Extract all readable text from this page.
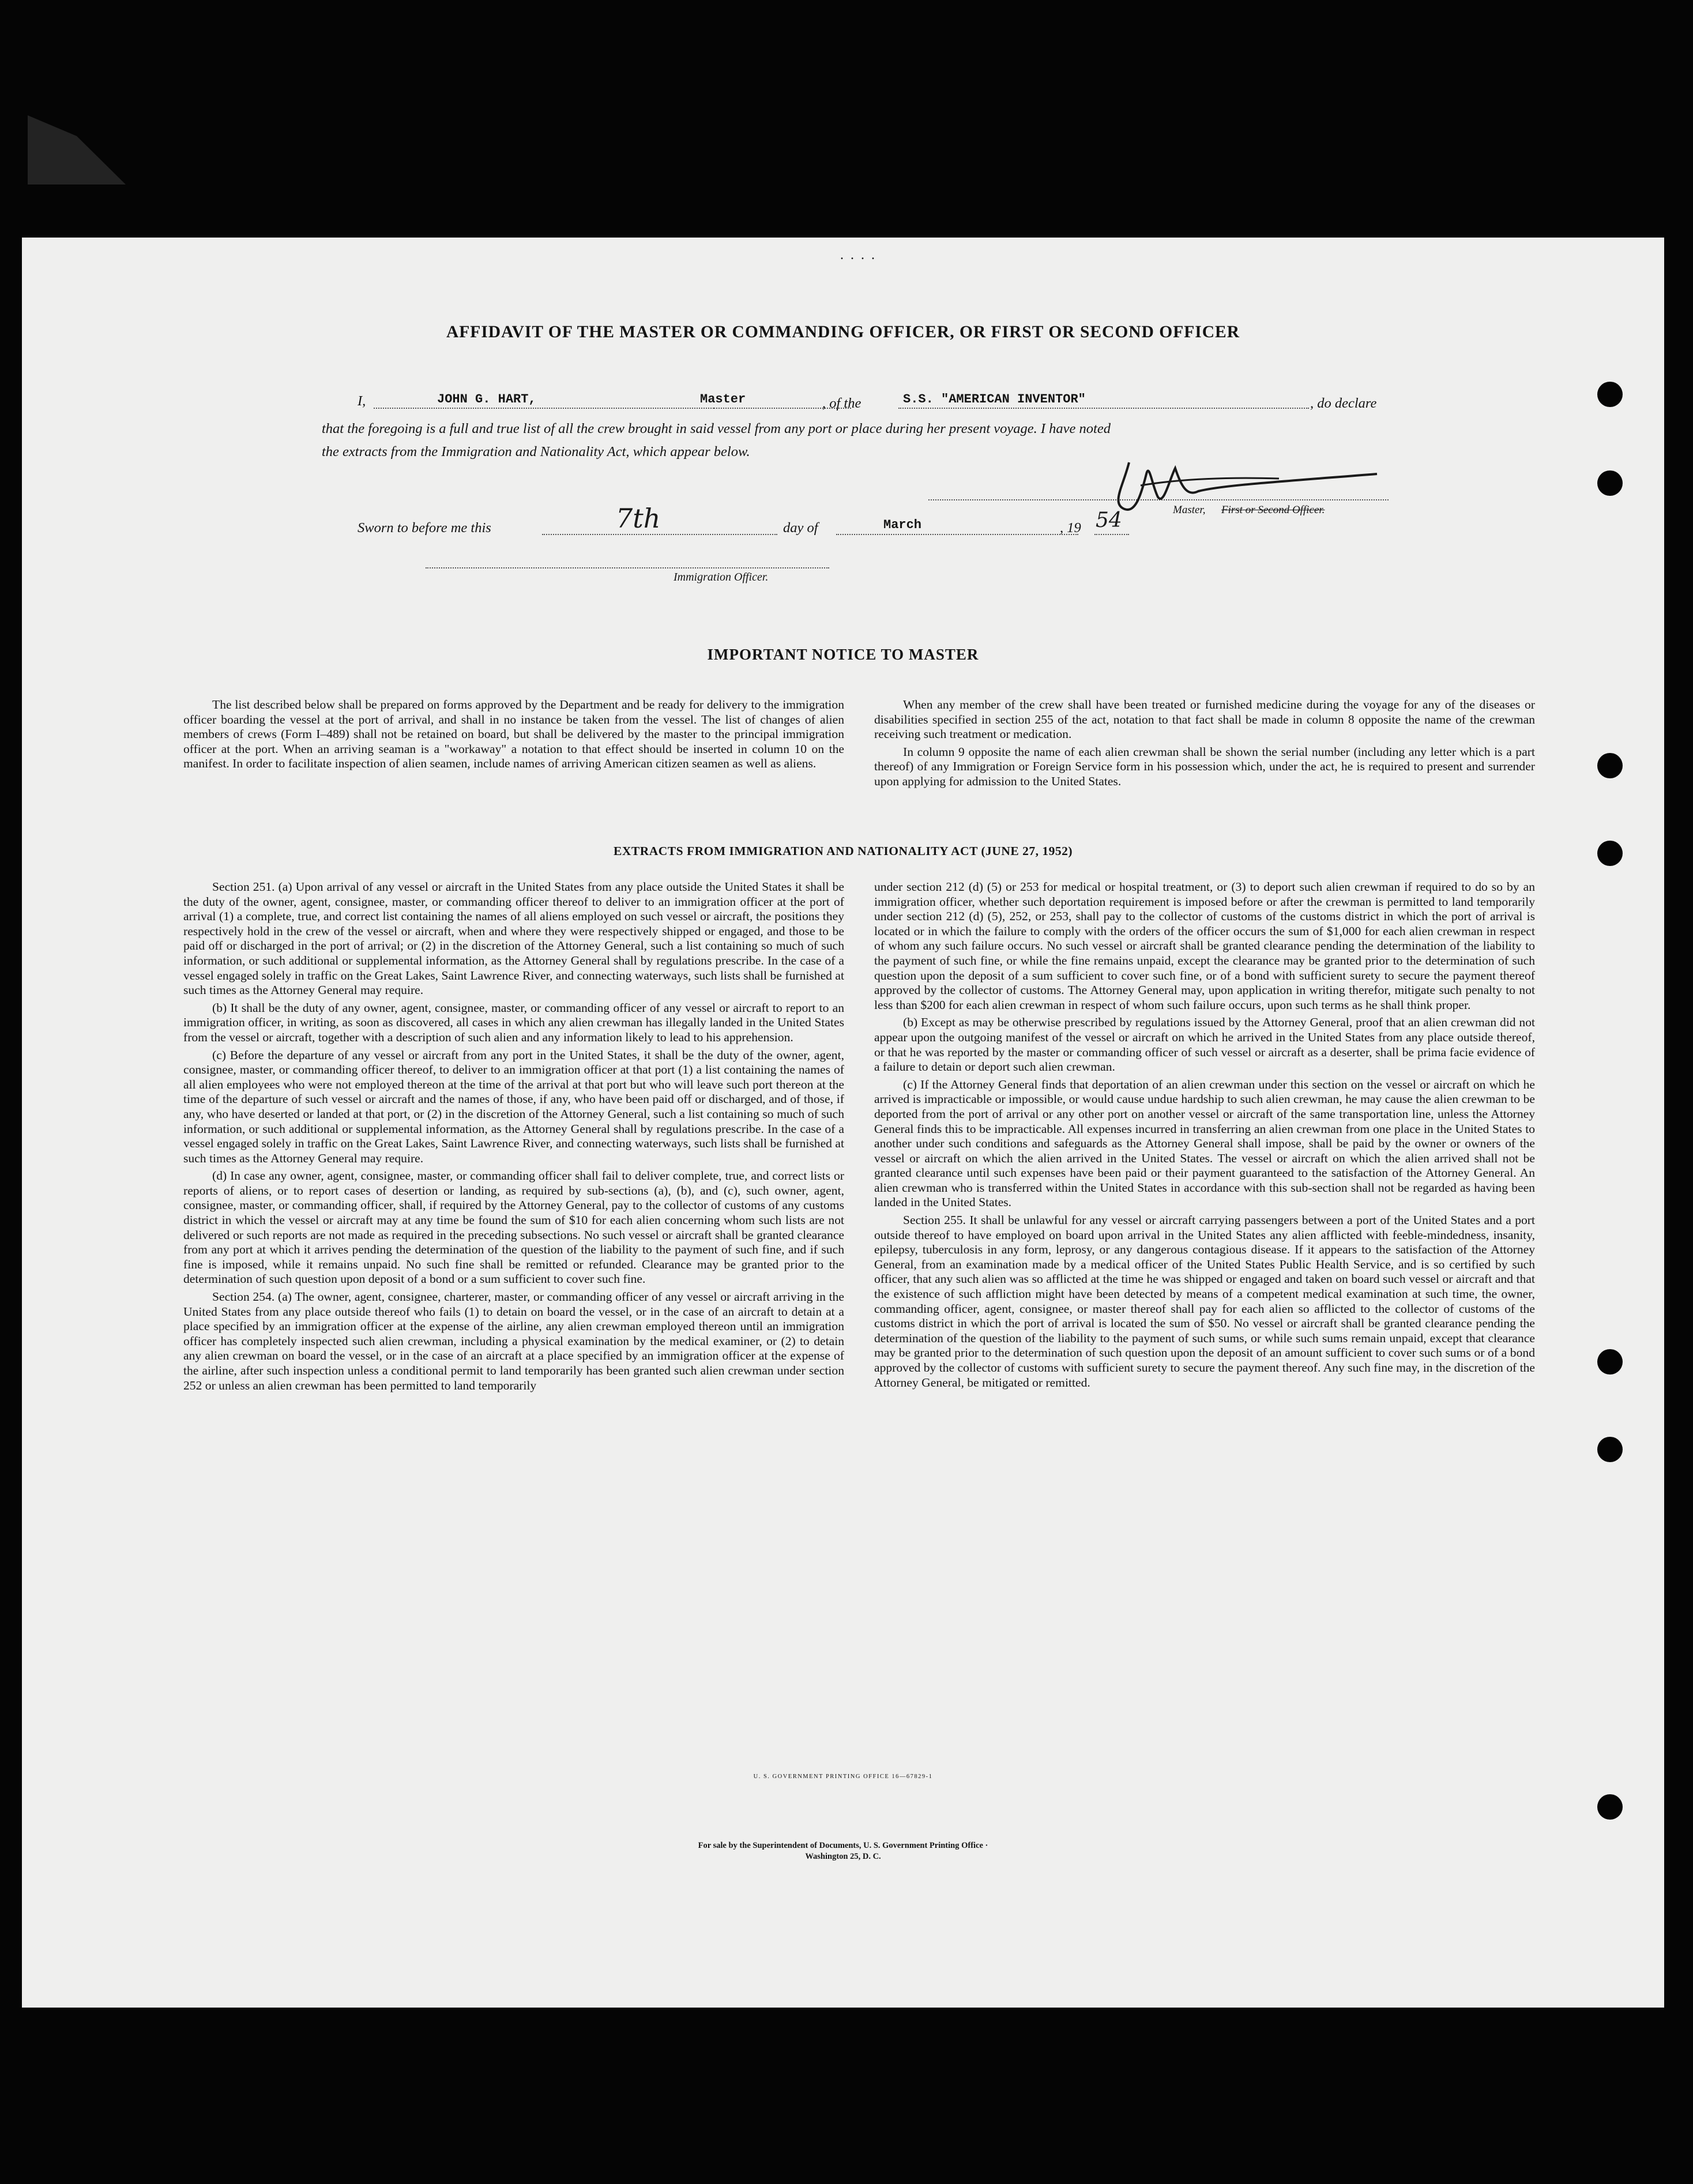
····
AFFIDAVIT OF THE MASTER OR COMMANDING OFFICER, OR FIRST OR SECOND OFFICER
I,	JOHN G. HART,	Master	, of the	S.S. "AMERICAN INVENTOR"	, do declare
that the foregoing is a full and true list of all the crew brought in said vessel from any port or place during her present voyage. I have noted
the extracts from the Immigration and Nationality Act, which appear below.
Master, First or Second Officer.
Sworn to before me this	7th	day of	March	, 19 54
Immigration Officer.
IMPORTANT NOTICE TO MASTER

The list described below shall be prepared on forms approved by the Department and be ready for delivery to the immigration officer boarding the vessel at the port of arrival, and shall in no instance be taken from the vessel. The list of changes of alien members of crews (Form I–489) shall not be retained on board, but shall be delivered by the master to the principal immigration officer at the port. When an arriving seaman is a "workaway" a notation to that effect should be inserted in column 10 on the manifest. In order to facilitate inspection of alien seamen, include names of arriving American citizen seamen as well as aliens.

When any member of the crew shall have been treated or furnished medicine during the voyage for any of the diseases or disabilities specified in section 255 of the act, notation to that fact shall be made in column 8 opposite the name of the crewman receiving such treatment or medication.

In column 9 opposite the name of each alien crewman shall be shown the serial number (including any letter which is a part thereof) of any Immigration or Foreign Service form in his possession which, under the act, he is required to present and surrender upon applying for admission to the United States.

EXTRACTS FROM IMMIGRATION AND NATIONALITY ACT (JUNE 27, 1952)

Section 251. (a) Upon arrival of any vessel or aircraft in the United States from any place outside the United States it shall be the duty of the owner, agent, consignee, master, or commanding officer thereof to deliver to an immigration officer at the port of arrival (1) a complete, true, and correct list containing the names of all aliens employed on such vessel or aircraft, the positions they respectively hold in the crew of the vessel or aircraft, when and where they were respectively shipped or engaged, and those to be paid off or discharged in the port of arrival; or (2) in the discretion of the Attorney General, such a list containing so much of such information, or such additional or supplemental information, as the Attorney General shall by regulations prescribe. In the case of a vessel engaged solely in traffic on the Great Lakes, Saint Lawrence River, and connecting waterways, such lists shall be furnished at such times as the Attorney General may require.

(b) It shall be the duty of any owner, agent, consignee, master, or commanding officer of any vessel or aircraft to report to an immigration officer, in writing, as soon as discovered, all cases in which any alien crewman has illegally landed in the United States from the vessel or aircraft, together with a description of such alien and any information likely to lead to his apprehension.

(c) Before the departure of any vessel or aircraft from any port in the United States, it shall be the duty of the owner, agent, consignee, master, or commanding officer thereof, to deliver to an immigration officer at that port (1) a list containing the names of all alien employees who were not employed thereon at the time of the arrival at that port but who will leave such port thereon at the time of the departure of such vessel or aircraft and the names of those, if any, who have been paid off or discharged, and of those, if any, who have deserted or landed at that port, or (2) in the discretion of the Attorney General, such a list containing so much of such information, or such additional or supplemental information, as the Attorney General shall by regulations prescribe. In the case of a vessel engaged solely in traffic on the Great Lakes, Saint Lawrence River, and connecting waterways, such lists shall be furnished at such times as the Attorney General may require.

(d) In case any owner, agent, consignee, master, or commanding officer shall fail to deliver complete, true, and correct lists or reports of aliens, or to report cases of desertion or landing, as required by sub-sections (a), (b), and (c), such owner, agent, consignee, master, or commanding officer, shall, if required by the Attorney General, pay to the collector of customs of any customs district in which the vessel or aircraft may at any time be found the sum of $10 for each alien concerning whom such lists are not delivered or such reports are not made as required in the preceding subsections. No such vessel or aircraft shall be granted clearance from any port at which it arrives pending the determination of the question of the liability to the payment of such fine, and if such fine is imposed, while it remains unpaid. No such fine shall be remitted or refunded. Clearance may be granted prior to the determination of such question upon deposit of a bond or a sum sufficient to cover such fine.

Section 254. (a) The owner, agent, consignee, charterer, master, or commanding officer of any vessel or aircraft arriving in the United States from any place outside thereof who fails (1) to detain on board the vessel, or in the case of an aircraft to detain at a place specified by an immigration officer at the expense of the airline, any alien crewman employed thereon until an immigration officer has completely inspected such alien crewman, including a physical examination by the medical examiner, or (2) to detain any alien crewman on board the vessel, or in the case of an aircraft at a place specified by an immigration officer at the expense of the airline, after such inspection unless a conditional permit to land temporarily has been granted such alien crewman under section 252 or unless an alien crewman has been permitted to land temporarily

under section 212 (d) (5) or 253 for medical or hospital treatment, or (3) to deport such alien crewman if required to do so by an immigration officer, whether such deportation requirement is imposed before or after the crewman is permitted to land temporarily under section 212 (d) (5), 252, or 253, shall pay to the collector of customs of the customs district in which the port of arrival is located or in which the failure to comply with the orders of the officer occurs the sum of $1,000 for each alien crewman in respect of whom any such failure occurs. No such vessel or aircraft shall be granted clearance pending the determination of the liability to the payment of such fine, or while the fine remains unpaid, except the clearance may be granted prior to the determination of such question upon the deposit of a sum sufficient to cover such fine, or of a bond with sufficient surety to secure the payment thereof approved by the collector of customs. The Attorney General may, upon application in writing therefor, mitigate such penalty to not less than $200 for each alien crewman in respect of whom such failure occurs, upon such terms as he shall think proper.

(b) Except as may be otherwise prescribed by regulations issued by the Attorney General, proof that an alien crewman did not appear upon the outgoing manifest of the vessel or aircraft on which he arrived in the United States from any place outside thereof, or that he was reported by the master or commanding officer of such vessel or aircraft as a deserter, shall be prima facie evidence of a failure to detain or deport such alien crewman.

(c) If the Attorney General finds that deportation of an alien crewman under this section on the vessel or aircraft on which he arrived is impracticable or impossible, or would cause undue hardship to such alien crewman, he may cause the alien crewman to be deported from the port of arrival or any other port on another vessel or aircraft of the same transportation line, unless the Attorney General finds this to be impracticable. All expenses incurred in transferring an alien crewman from one place in the United States to another under such conditions and safeguards as the Attorney General shall impose, shall be paid by the owner or owners of the vessel or aircraft on which the alien arrived in the United States. The vessel or aircraft on which the alien arrived shall not be granted clearance until such expenses have been paid or their payment guaranteed to the satisfaction of the Attorney General. An alien crewman who is transferred within the United States in accordance with this sub-section shall not be regarded as having been landed in the United States.

Section 255. It shall be unlawful for any vessel or aircraft carrying passengers between a port of the United States and a port outside thereof to have employed on board upon arrival in the United States any alien afflicted with feeble-mindedness, insanity, epilepsy, tuberculosis in any form, leprosy, or any dangerous contagious disease. If it appears to the satisfaction of the Attorney General, from an examination made by a medical officer of the United States Public Health Service, and is so certified by such officer, that any such alien was so afflicted at the time he was shipped or engaged and taken on board such vessel or aircraft and that the existence of such affliction might have been detected by means of a competent medical examination at such time, the owner, commanding officer, agent, consignee, or master thereof shall pay for each alien so afflicted to the collector of customs of the customs district in which the port of arrival is located the sum of $50. No vessel or aircraft shall be granted clearance pending the determination of the question of the liability to the payment of such sums, or while such sums remain unpaid, except that clearance may be granted prior to the determination of such question upon the deposit of an amount sufficient to cover such sums or of a bond approved by the collector of customs with sufficient surety to secure the payment thereof. Any such fine may, in the discretion of the Attorney General, be mitigated or remitted.

U. S. GOVERNMENT PRINTING OFFICE 16—67829-1
For sale by the Superintendent of Documents, U. S. Government Printing Office ·
Washington 25, D. C.
